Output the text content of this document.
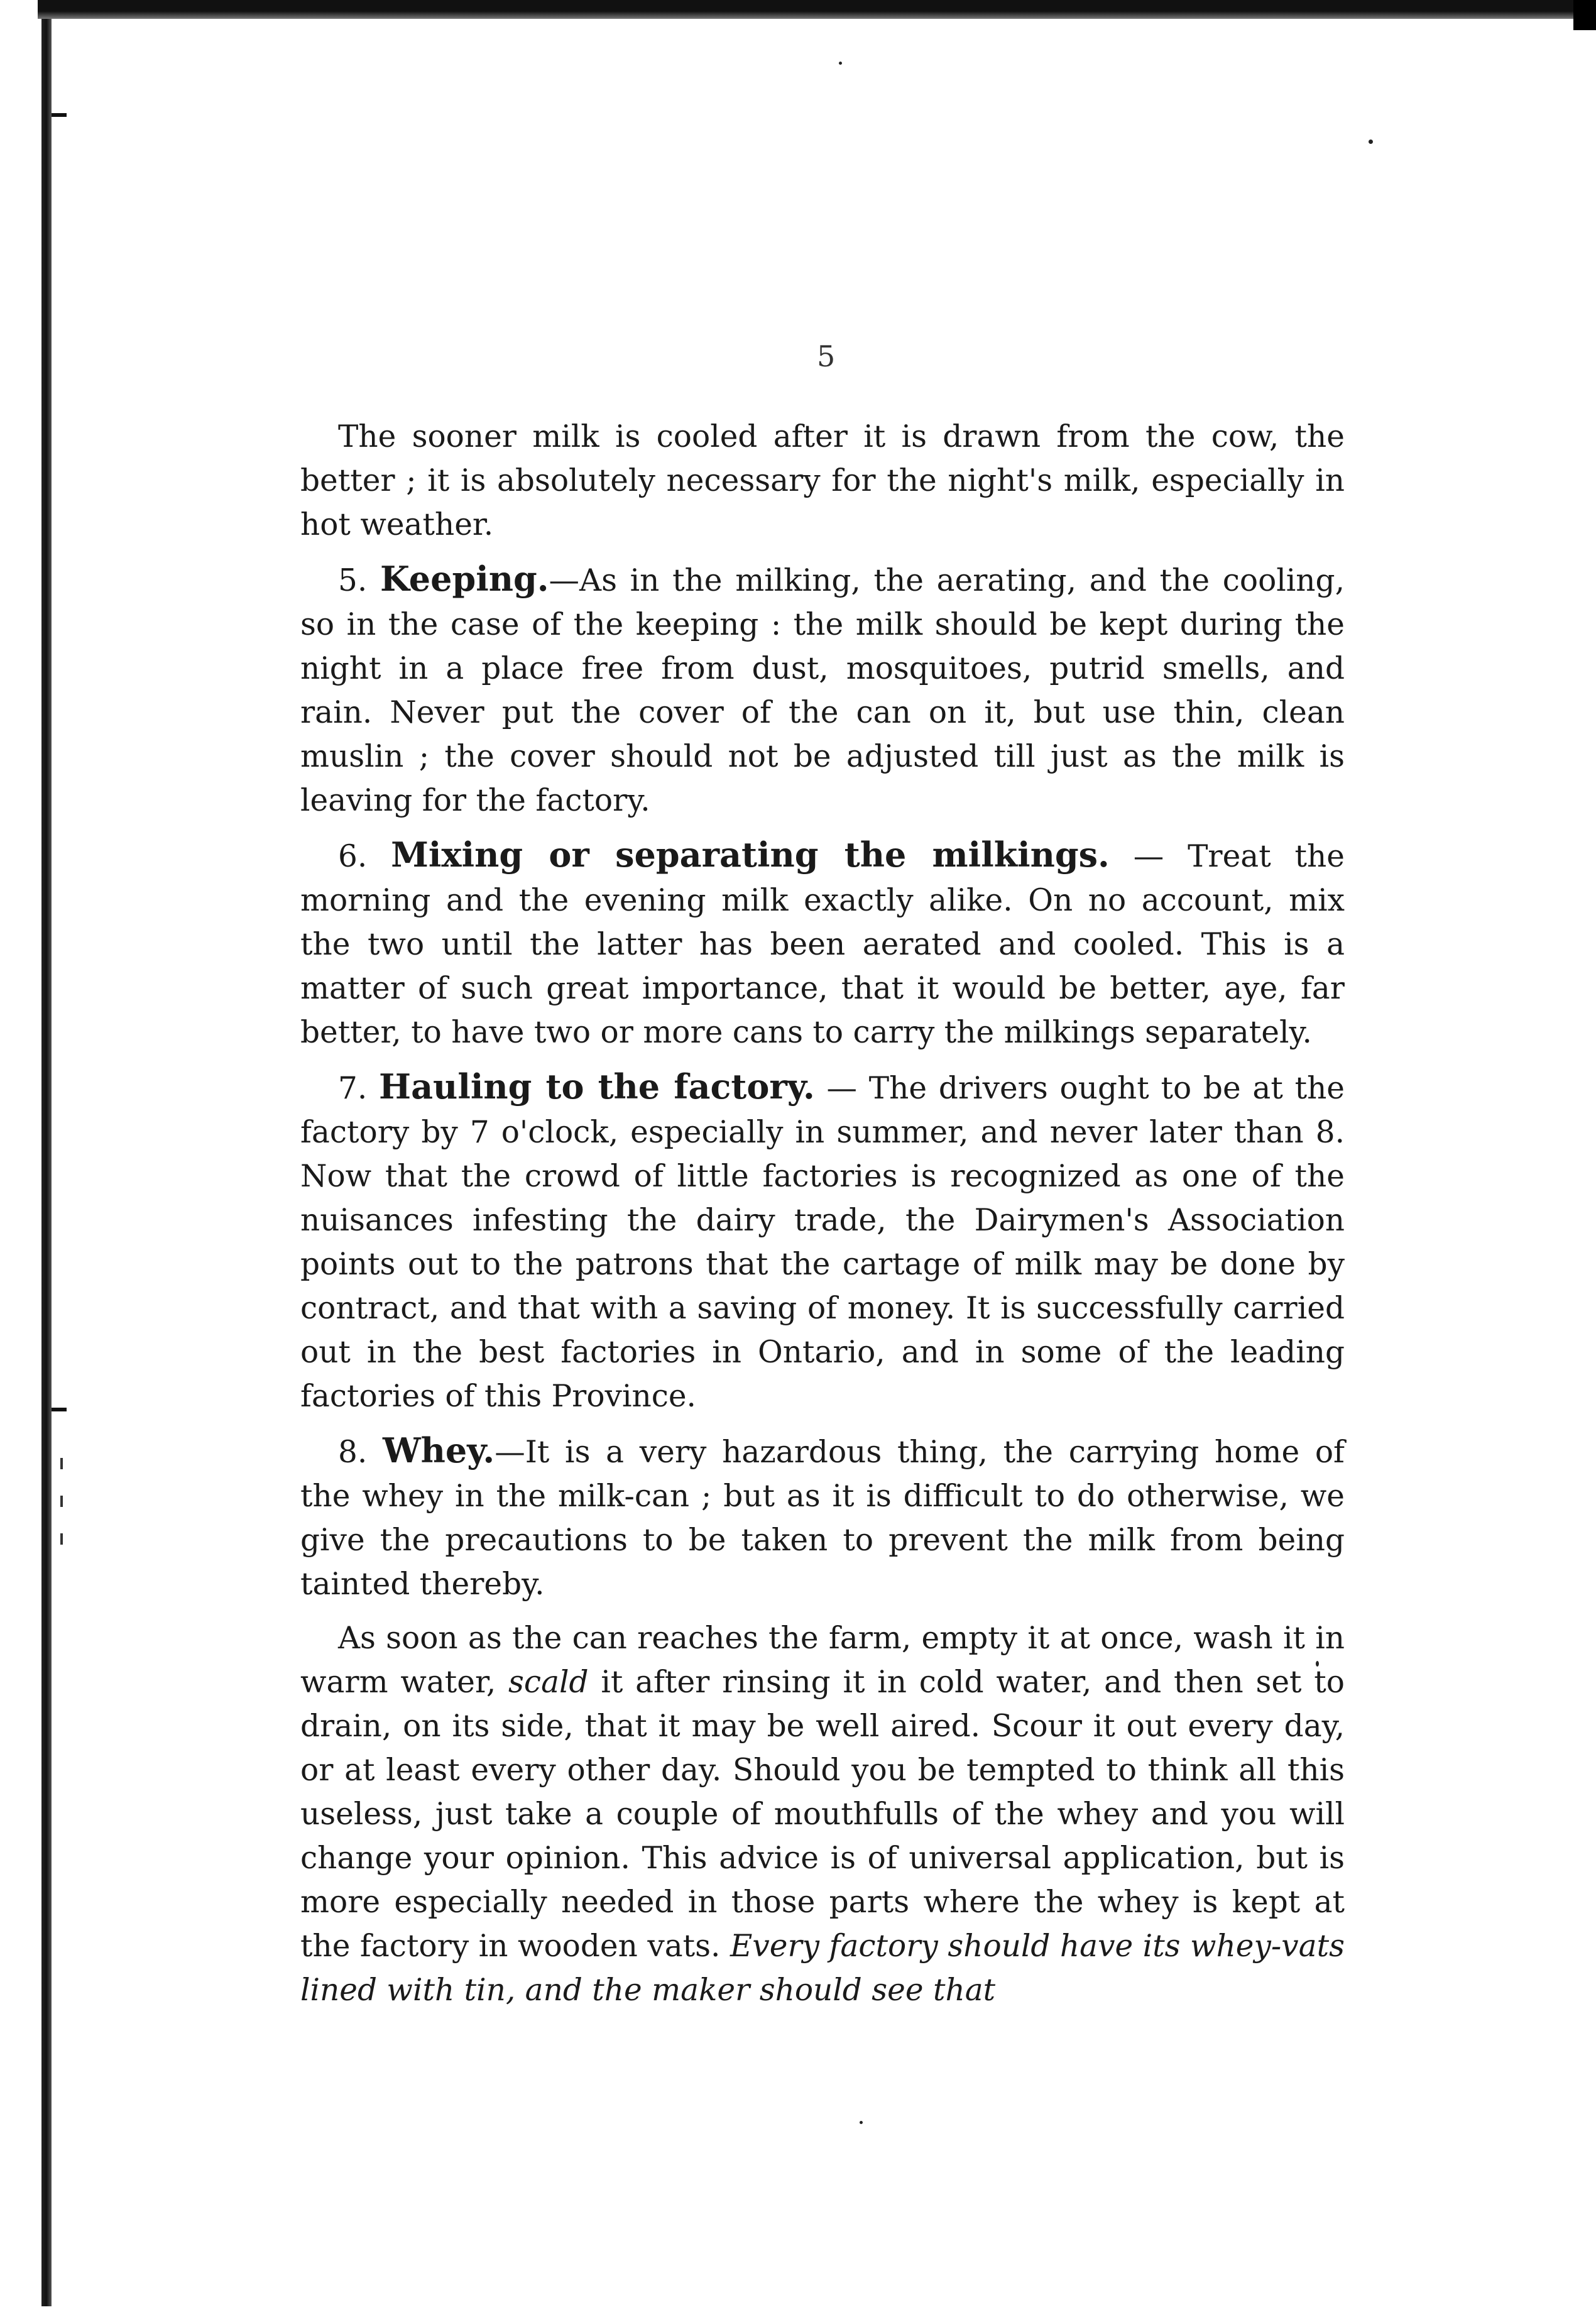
5

The sooner milk is cooled after it is drawn from the cow, the better ; it is absolutely necessary for the night's milk, especially in hot weather.

5. Keeping.—As in the milking, the aerating, and the cooling, so in the case of the keeping : the milk should be kept during the night in a place free from dust, mosquitoes, putrid smells, and rain. Never put the cover of the can on it, but use thin, clean muslin ; the cover should not be adjusted till just as the milk is leaving for the factory.

6. Mixing or separating the milkings. — Treat the morning and the evening milk exactly alike. On no account, mix the two until the latter has been aerated and cooled. This is a matter of such great importance, that it would be better, aye, far better, to have two or more cans to carry the milkings separately.

7. Hauling to the factory. — The drivers ought to be at the factory by 7 o'clock, especially in summer, and never later than 8. Now that the crowd of little factories is recognized as one of the nuisances infesting the dairy trade, the Dairymen's Association points out to the patrons that the cartage of milk may be done by contract, and that with a saving of money. It is successfully carried out in the best factories in Ontario, and in some of the leading factories of this Province.

8. Whey.—It is a very hazardous thing, the carrying home of the whey in the milk-can ; but as it is difficult to do otherwise, we give the precautions to be taken to prevent the milk from being tainted thereby.

As soon as the can reaches the farm, empty it at once, wash it in warm water, scald it after rinsing it in cold water, and then set to drain, on its side, that it may be well aired. Scour it out every day, or at least every other day. Should you be tempted to think all this useless, just take a couple of mouthfulls of the whey and you will change your opinion. This advice is of universal application, but is more especially needed in those parts where the whey is kept at the factory in wooden vats. Every factory should have its whey-vats lined with tin, and the maker should see that
